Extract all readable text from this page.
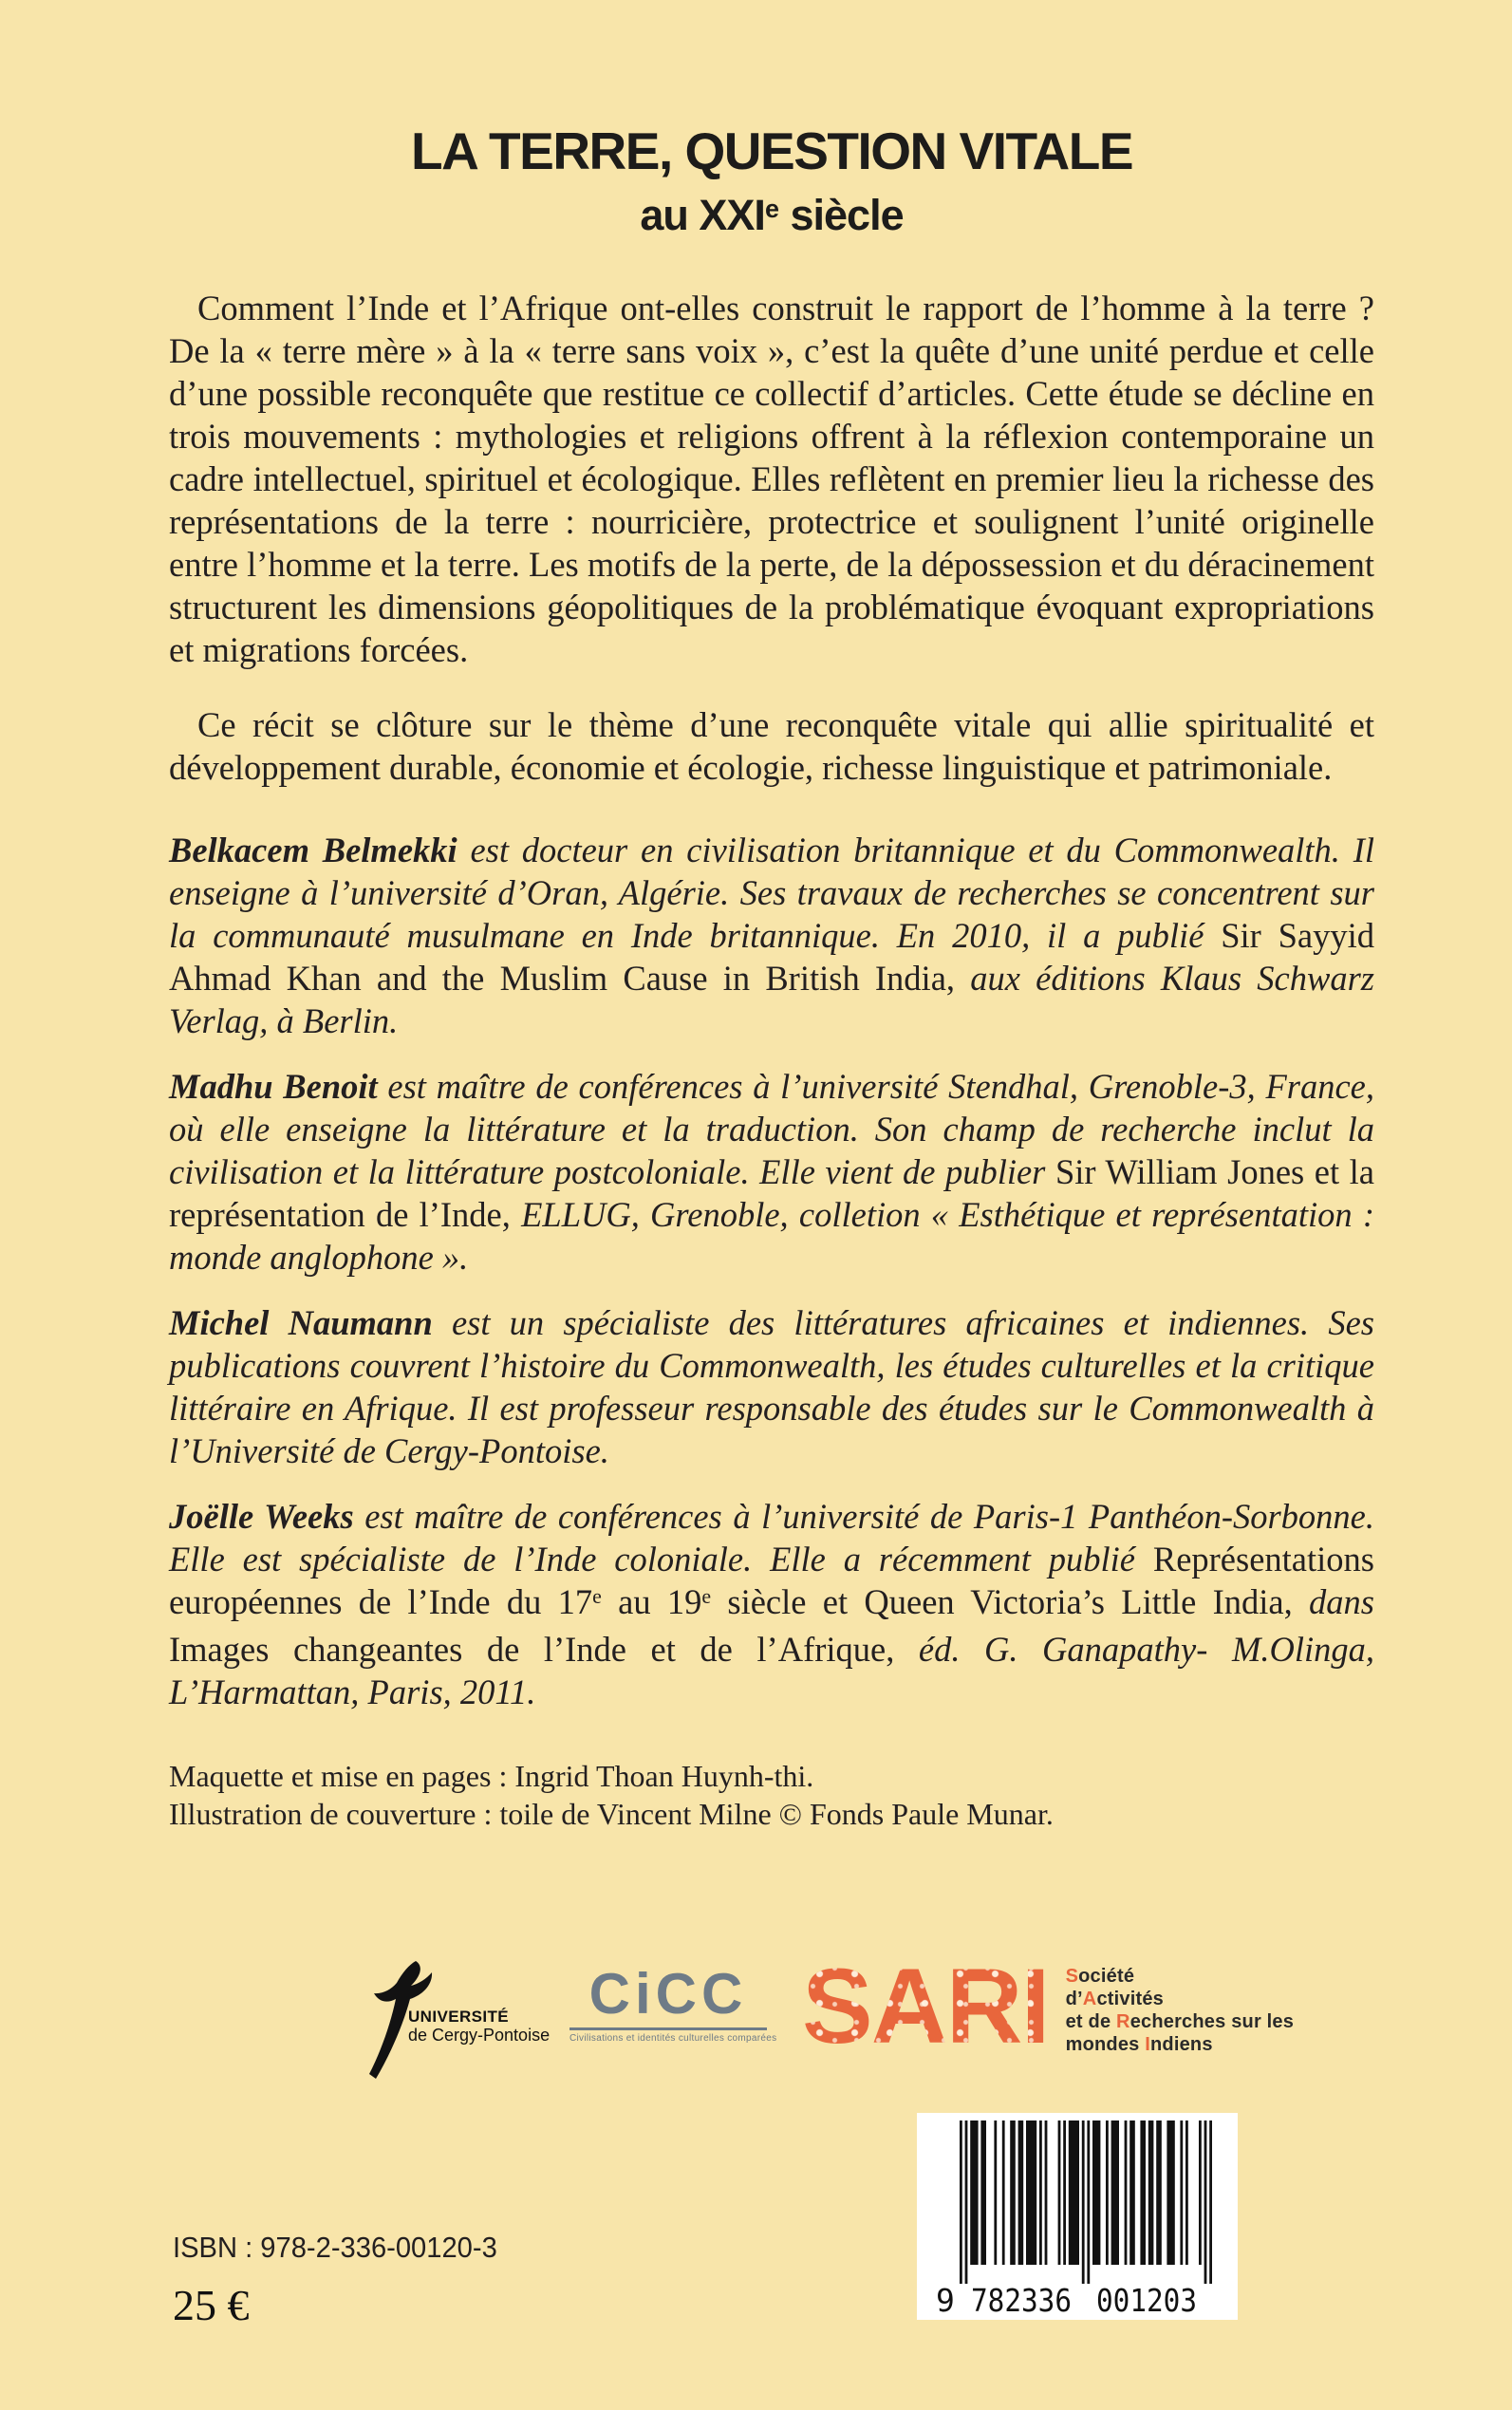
LA TERRE, QUESTION VITALE
au XXIe siècle

Comment l’Inde et l’Afrique ont-elles construit le rapport de l’homme à la terre ? De la « terre mère » à la « terre sans voix », c’est la quête d’une unité perdue et celle d’une possible reconquête que restitue ce collectif d’articles. Cette étude se décline en trois mouvements : mythologies et religions offrent à la réflexion contemporaine un cadre intellectuel, spirituel et écologique. Elles reflètent en premier lieu la richesse des représentations de la terre : nourricière, protectrice et soulignent l’unité originelle entre l’homme et la terre. Les motifs de la perte, de la dépossession et du déracinement structurent les dimensions géopolitiques de la problématique évoquant expropriations et migrations forcées.

Ce récit se clôture sur le thème d’une reconquête vitale qui allie spiritualité et développement durable, économie et écologie, richesse linguistique et patrimoniale.

Belkacem Belmekki est docteur en civilisation britannique et du Commonwealth. Il enseigne à l’université d’Oran, Algérie. Ses travaux de recherches se concentrent sur la communauté musulmane en Inde britannique. En 2010, il a publié Sir Sayyid Ahmad Khan and the Muslim Cause in British India, aux éditions Klaus Schwarz Verlag, à Berlin.

Madhu Benoit est maître de conférences à l’université Stendhal, Grenoble-3, France, où elle enseigne la littérature et la traduction. Son champ de recherche inclut la civilisation et la littérature postcoloniale. Elle vient de publier Sir William Jones et la représentation de l’Inde, ELLUG, Grenoble, colletion « Esthétique et représentation : monde anglophone ».

Michel Naumann est un spécialiste des littératures africaines et indiennes. Ses publications couvrent l’histoire du Commonwealth, les études culturelles et la critique littéraire en Afrique. Il est professeur responsable des études sur le Commonwealth à l’Université de Cergy-Pontoise.

Joëlle Weeks est maître de conférences à l’université de Paris-1 Panthéon-Sorbonne. Elle est spécialiste de l’Inde coloniale. Elle a récemment publié Représentations européennes de l’Inde du 17e au 19e siècle et Queen Victoria’s Little India, dans Images changeantes de l’Inde et de l’Afrique, éd. G. Ganapathy- M.Olinga, L’Harmattan, Paris, 2011.

Maquette et mise en pages : Ingrid Thoan Huynh-thi.

Illustration de couverture : toile de Vincent Milne © Fonds Paule Munar.

UNIVERSITÉ
de Cergy-Pontoise
CiCC
Civilisations et identités culturelles comparées SARI Société
d’Activités
et de Recherches sur les
mondes Indiens
ISBN : 978-2-336-00120-3
25 €	9 782336 001203
